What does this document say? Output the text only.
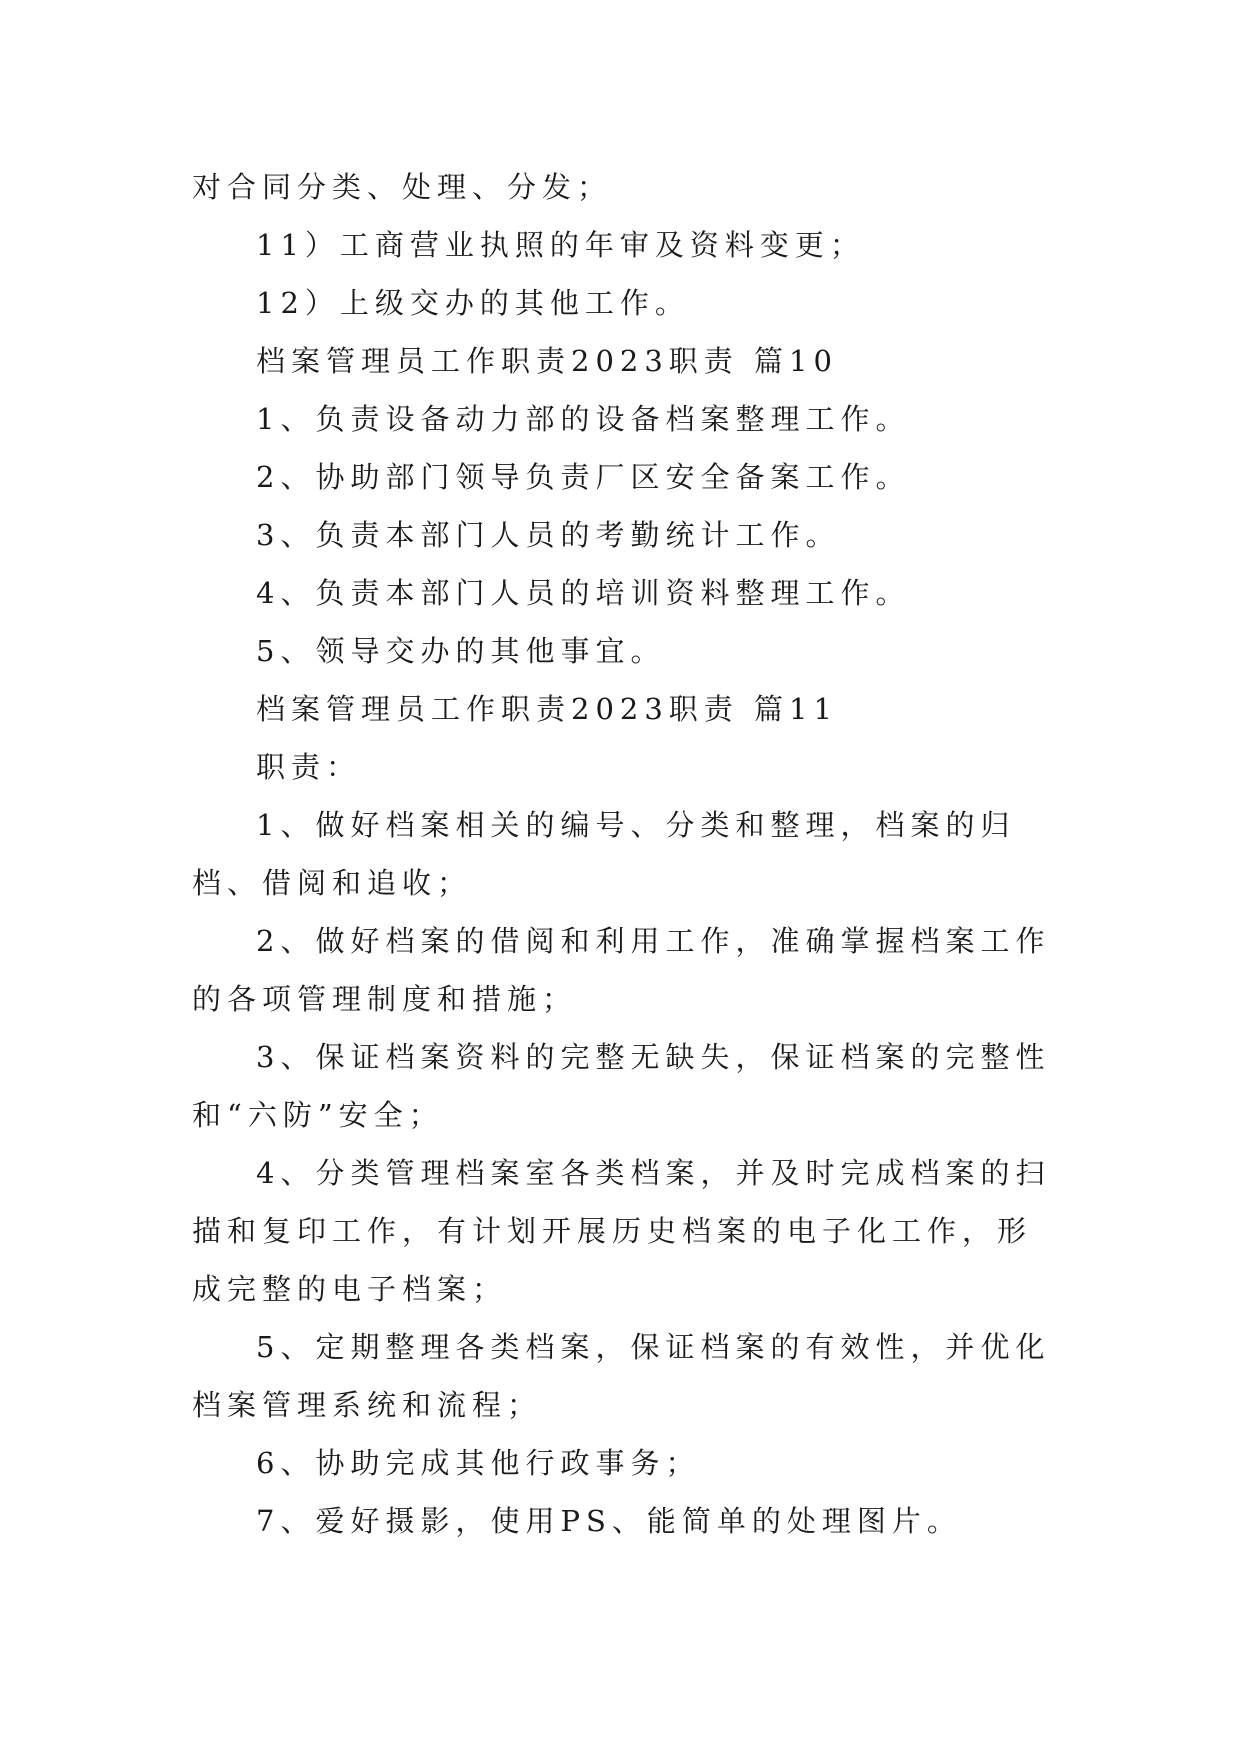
对合同分类、处理、分发；

11）工商营业执照的年审及资料变更；

12）上级交办的其他工作。

档案管理员工作职责2023职责 篇10

1、负责设备动力部的设备档案整理工作。

2、协助部门领导负责厂区安全备案工作。

3、负责本部门人员的考勤统计工作。

4、负责本部门人员的培训资料整理工作。

5、领导交办的其他事宜。

档案管理员工作职责2023职责 篇11

职责：

1、做好档案相关的编号、分类和整理，档案的归档、借阅和追收；

2、做好档案的借阅和利用工作，准确掌握档案工作的各项管理制度和措施；

3、保证档案资料的完整无缺失，保证档案的完整性和“六防”安全；

4、分类管理档案室各类档案，并及时完成档案的扫描和复印工作，有计划开展历史档案的电子化工作，形成完整的电子档案；

5、定期整理各类档案，保证档案的有效性，并优化档案管理系统和流程；

6、协助完成其他行政事务；

7、爱好摄影，使用PS、能简单的处理图片。
